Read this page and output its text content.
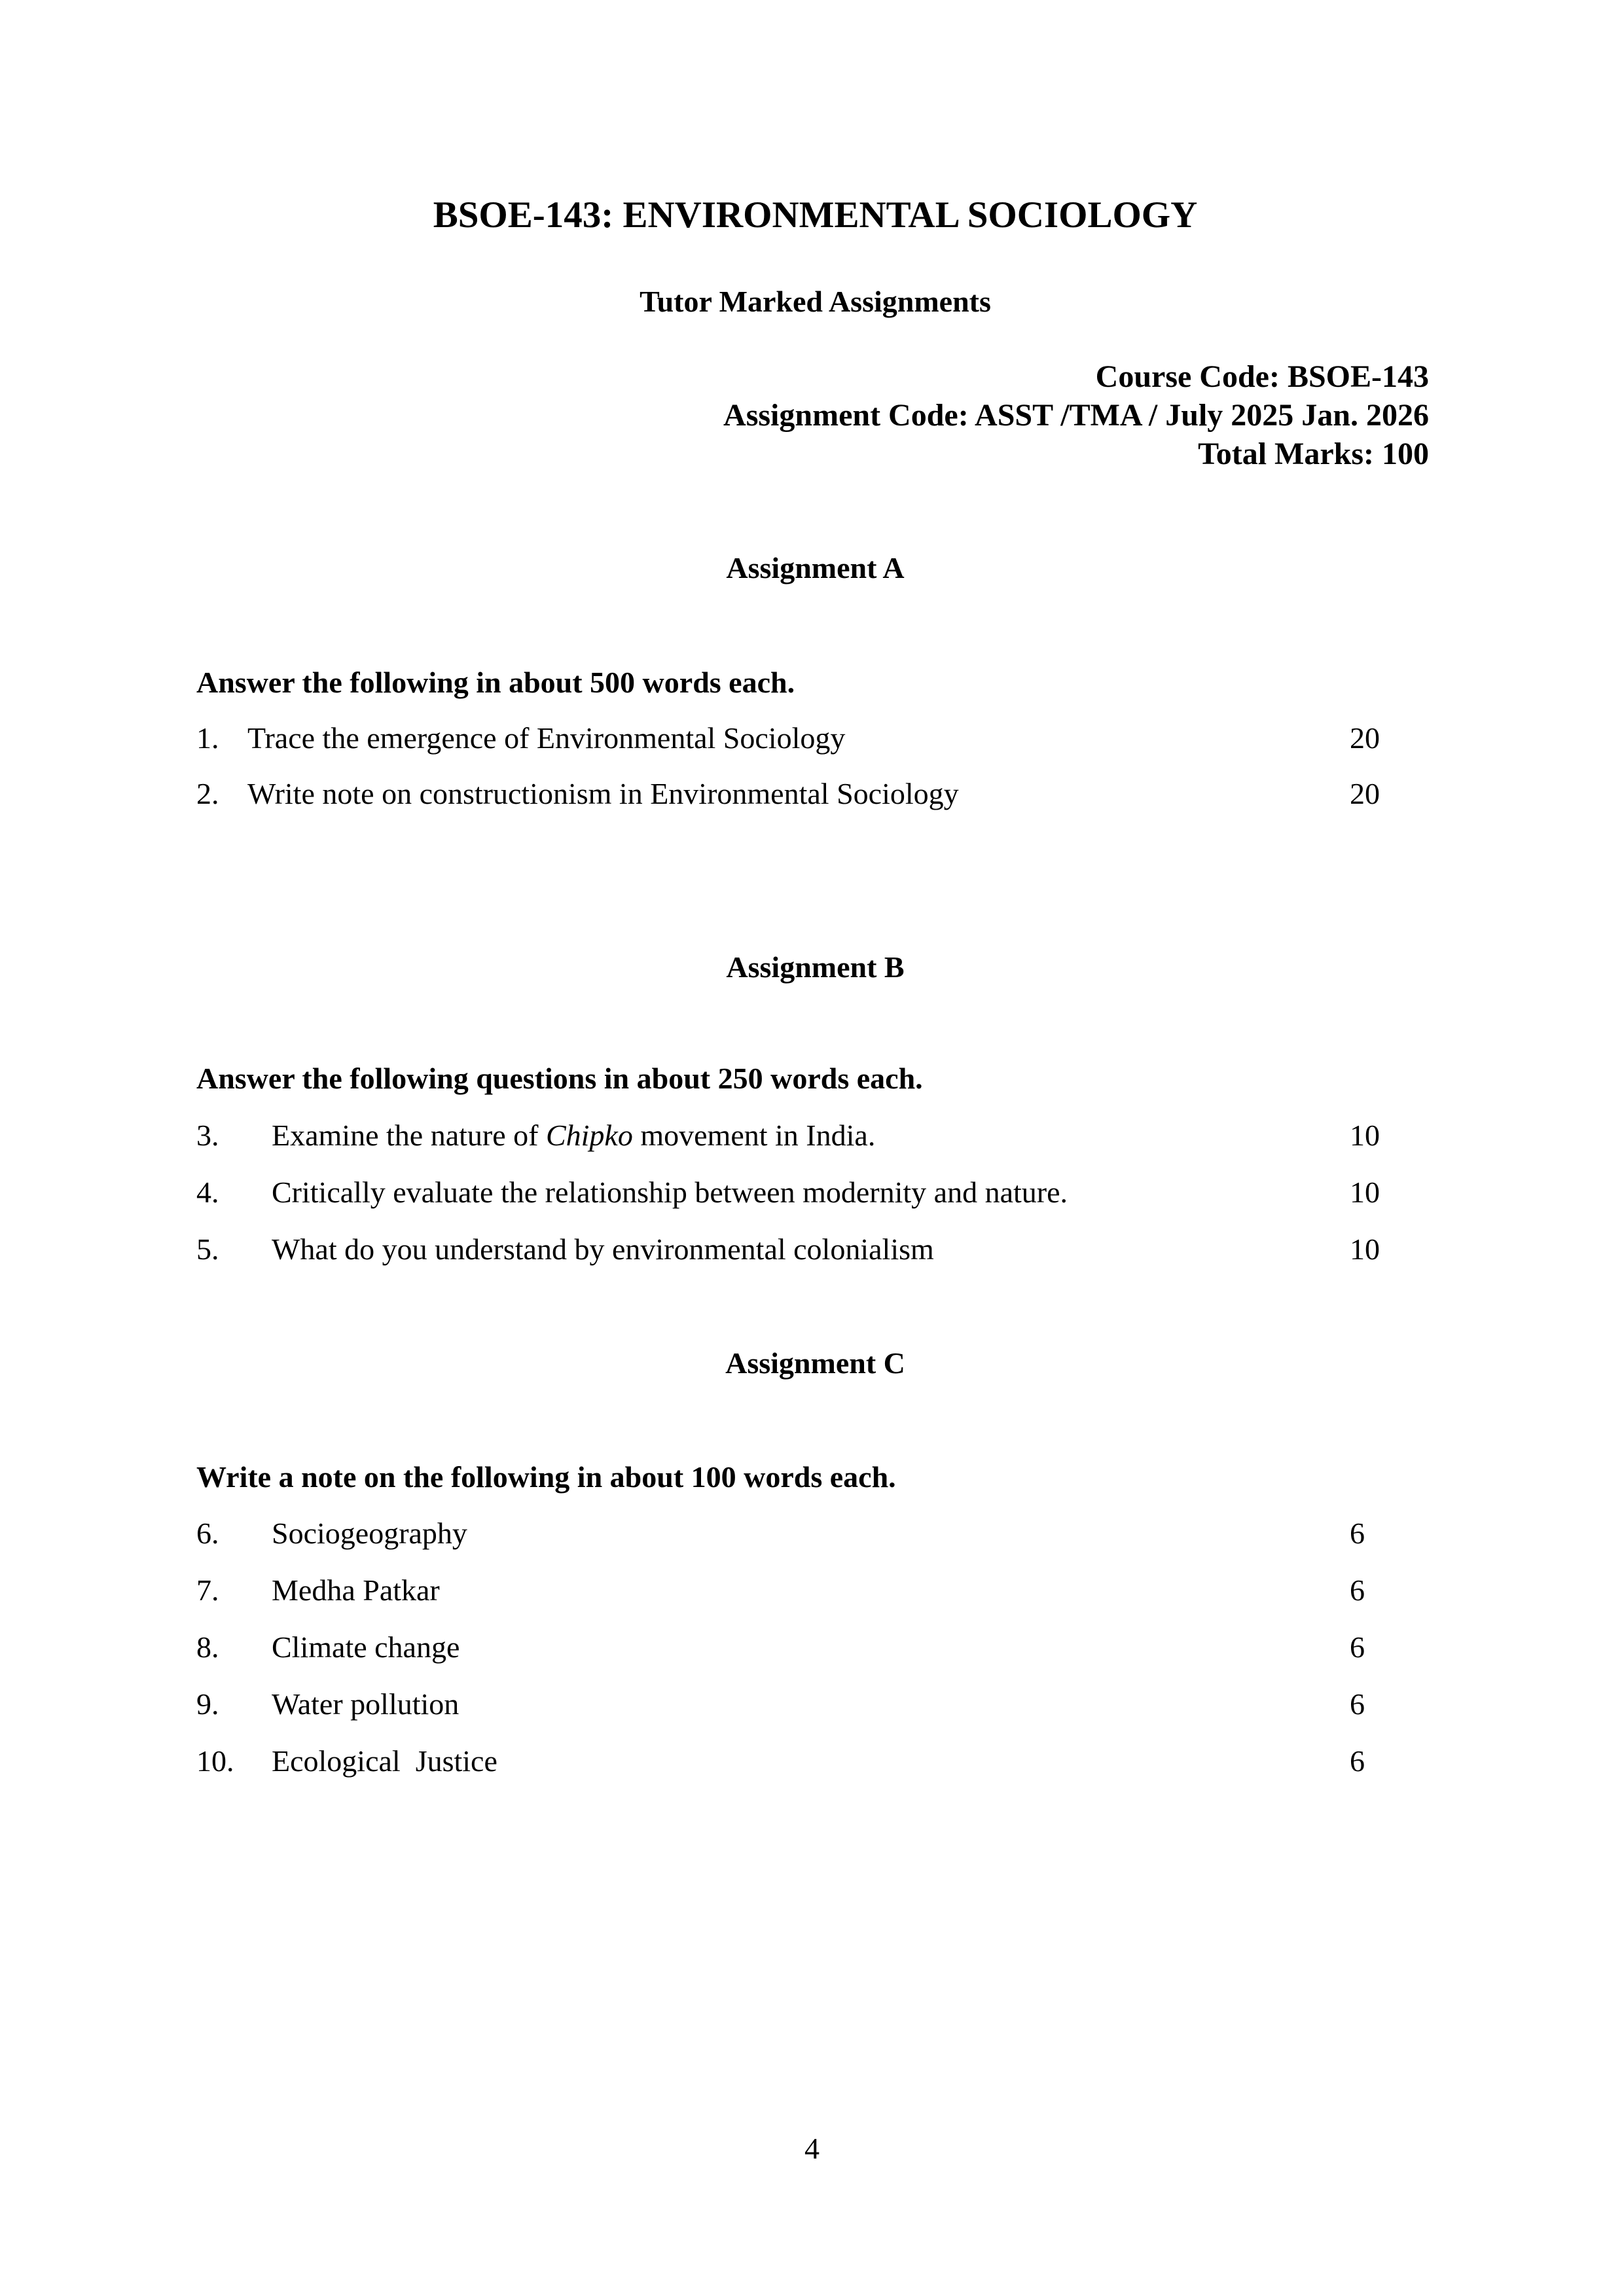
BSOE-143: ENVIRONMENTAL SOCIOLOGY
Tutor Marked Assignments
Course Code: BSOE-143
Assignment Code: ASST /TMA / July 2025 Jan. 2026
Total Marks: 100
Assignment A
Answer the following in about 500 words each.
1. Trace the emergence of Environmental Sociology	20
2. Write note on constructionism in Environmental Sociology	20
Assignment B
Answer the following questions in about 250 words each.
3. Examine the nature of Chipko movement in India.	10
4. Critically evaluate the relationship between modernity and nature.	10
5. What do you understand by environmental colonialism	10
Assignment C
Write a note on the following in about 100 words each.
6. Sociogeography	6
7. Medha Patkar	6
8. Climate change	6
9. Water pollution	6
10. Ecological  Justice	6
4
